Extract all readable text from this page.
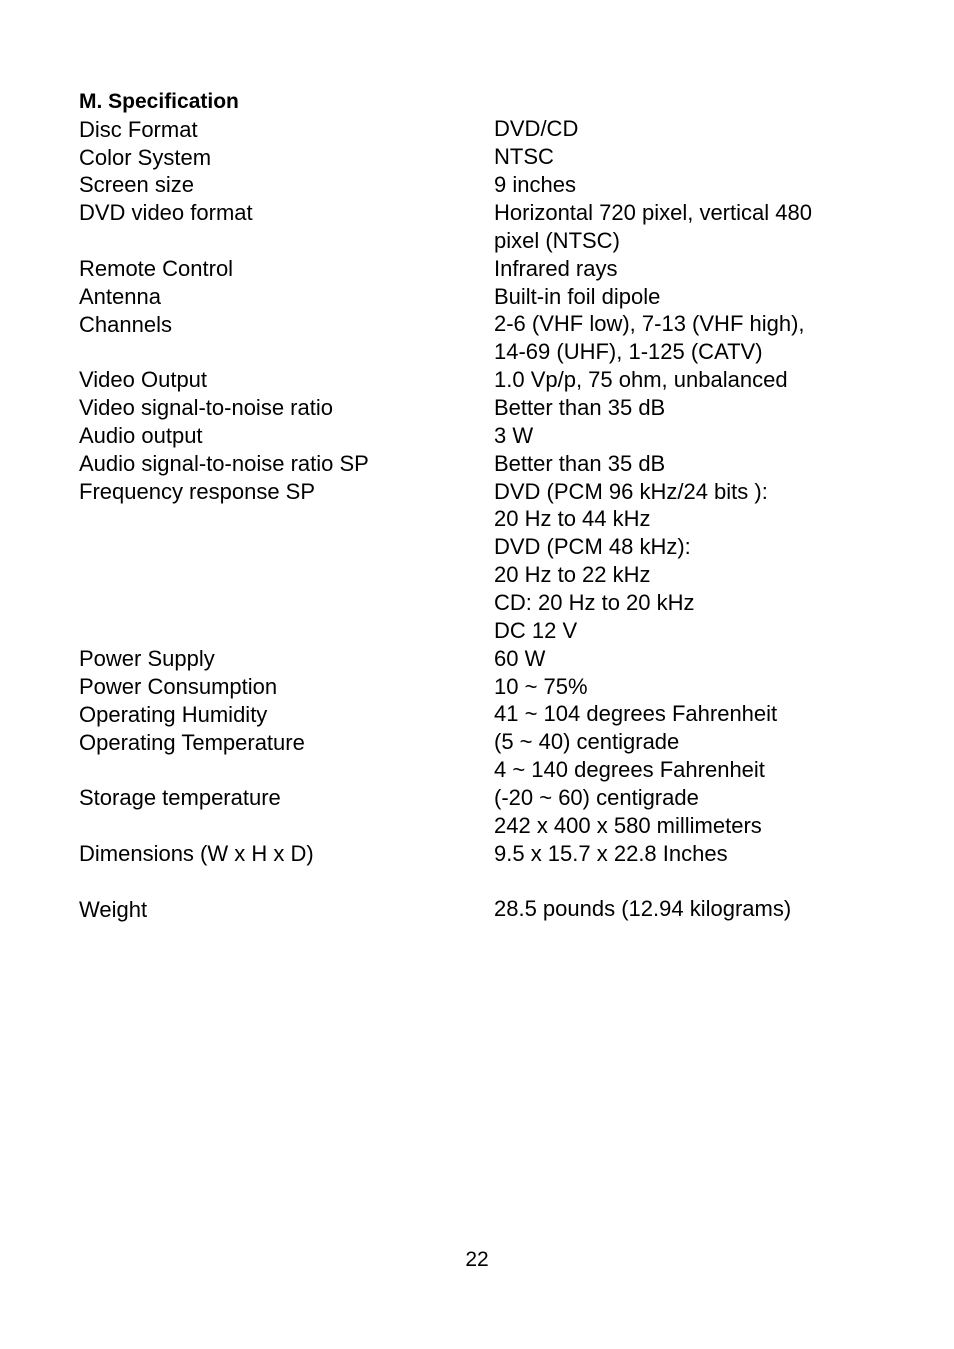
M. Specification
Disc Format
Color System
Screen size
DVD video format
Remote Control
Antenna
Channels
Video Output
Video signal-to-noise ratio
Audio output
Audio signal-to-noise ratio SP
Frequency response SP
Power Supply
Power Consumption
Operating Humidity
Operating Temperature
Storage temperature
Dimensions (W x H x D)
Weight
DVD/CD
NTSC
9 inches
Horizontal 720 pixel, vertical 480
pixel (NTSC)
Infrared rays
Built-in foil dipole
2-6 (VHF low), 7-13 (VHF high),
14-69 (UHF), 1-125 (CATV)
1.0 Vp/p, 75 ohm, unbalanced
Better than 35 dB
3 W
Better than 35 dB
DVD (PCM 96 kHz/24 bits ):
20 Hz to 44 kHz
DVD (PCM 48 kHz):
20 Hz to 22 kHz
CD: 20 Hz to 20 kHz
DC 12 V
60 W
10 ~ 75%
41 ~ 104 degrees Fahrenheit
(5 ~ 40) centigrade
4 ~ 140 degrees Fahrenheit
(-20 ~ 60) centigrade
242 x 400 x 580 millimeters
9.5 x 15.7 x 22.8 Inches
28.5 pounds (12.94 kilograms)
22
